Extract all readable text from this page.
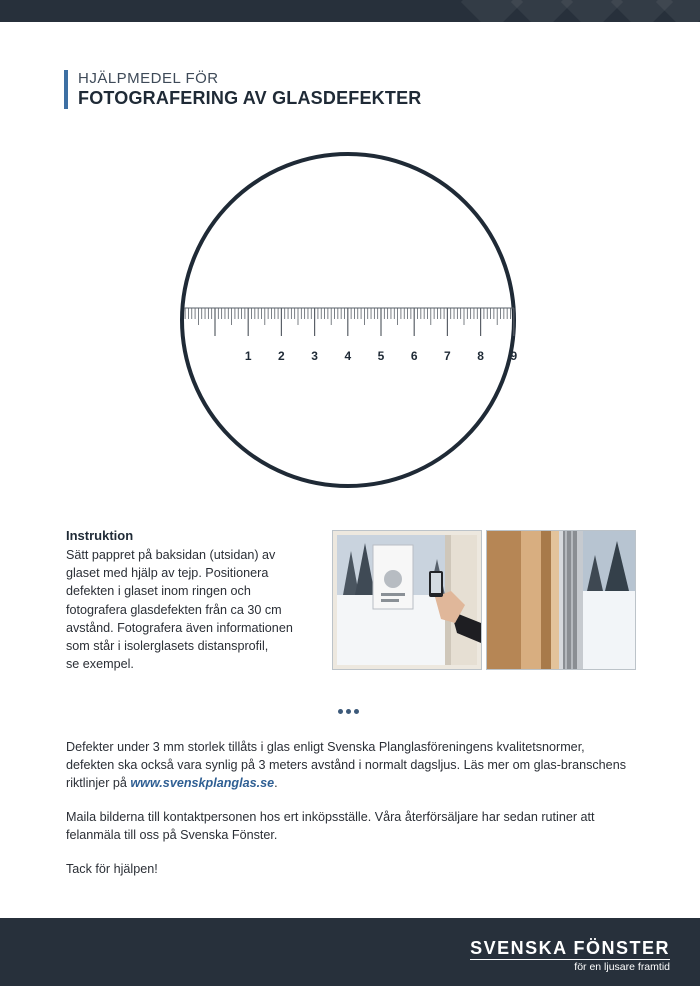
HJÄLPMEDEL FÖR
FOTOGRAFERING AV GLASDEFEKTER
1 2 3 4 5 6 7 8 9
Instruktion

Sätt pappret på baksidan (utsidan) av

glaset med hjälp av tejp. Positionera

defekten i glaset inom ringen och

fotografera glasdefekten från ca 30 cm

avstånd. Fotografera även informationen

som står i isolerglasets distansprofil,

se exempel.

Defekter under 3 mm storlek tillåts i glas enligt Svenska Planglasföreningens kvalitetsnormer, defekten ska också vara synlig på 3 meters avstånd i normalt dagsljus. Läs mer om glas-branschens riktlinjer på www.svenskplanglas.se.

Maila bilderna till kontaktpersonen hos ert inköpsställe. Våra återförsäljare har sedan rutiner att felanmäla till oss på Svenska Fönster.

Tack för hjälpen!

SVENSKA FÖNSTER
för en ljusare framtid
